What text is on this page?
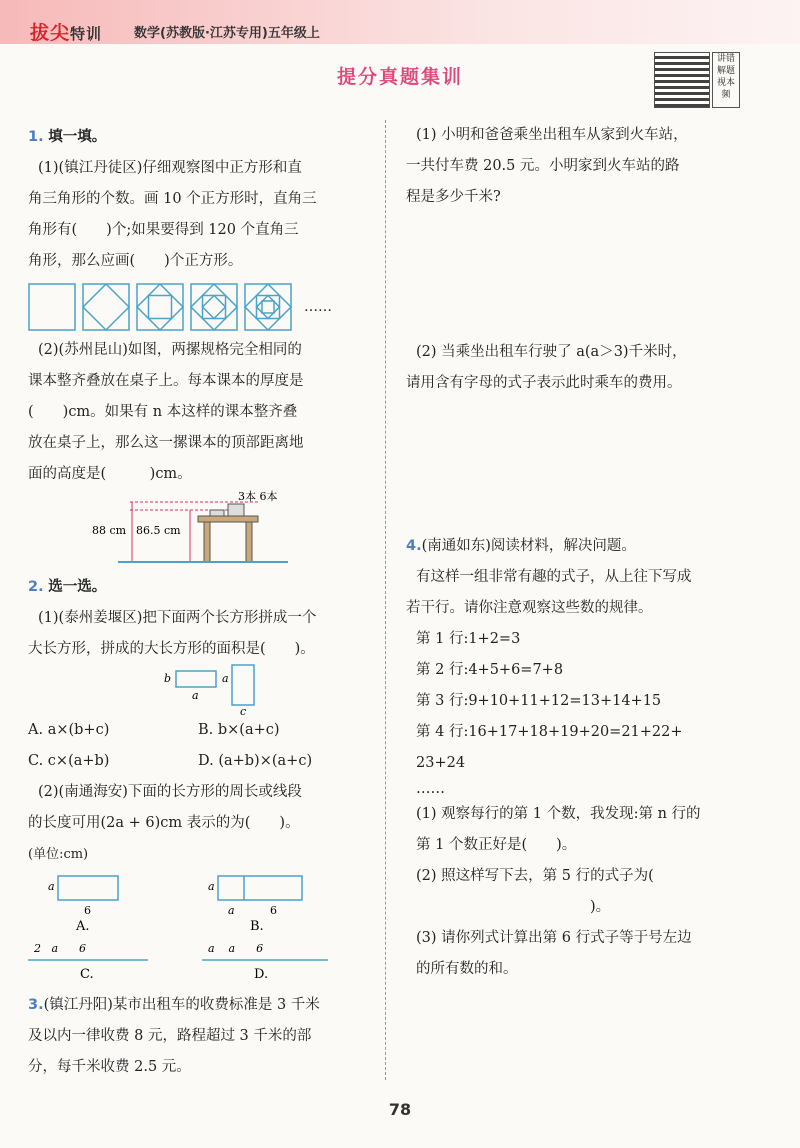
拔尖特训 数学(苏教版·江苏专用)五年级上
提分真题集训
讲错解题视本频

1. 填一填。

(1)(镇江丹徒区)仔细观察图中正方形和直

角三角形的个数。画 10 个正方形时，直角三

角形有(　　)个;如果要得到 120 个直角三

角形，那么应画(　　)个正方形。

……

(2)(苏州昆山)如图，两摞规格完全相同的

课本整齐叠放在桌子上。每本课本的厚度是

(　　)cm。如果有 n 本这样的课本整齐叠

放在桌子上，那么这一摞课本的顶部距离地

面的高度是(　　　)cm。

3本 6本
88 cm 86.5 cm

2. 选一选。

(1)(泰州姜堰区)把下面两个长方形拼成一个

大长方形，拼成的大长方形的面积是(　　)。

b
a
a
c

A. a×(b+c)	B. b×(a+c)

C. c×(a+b)	D. (a+b)×(a+c)

(2)(南通海安)下面的长方形的周长或线段

的长度可用(2a + 6)cm 表示的为(　　)。

(单位:cm)

a
6
A.
a
a	6
B.
2   a      6
C.
a    a      6
D.

3.(镇江丹阳)某市出租车的收费标准是 3 千米

及以内一律收费 8 元，路程超过 3 千米的部

分，每千米收费 2.5 元。

(1) 小明和爸爸乘坐出租车从家到火车站，

一共付车费 20.5 元。小明家到火车站的路

程是多少千米?

(2) 当乘坐出租车行驶了 a(a＞3)千米时，

请用含有字母的式子表示此时乘车的费用。

4.(南通如东)阅读材料，解决问题。

有这样一组非常有趣的式子，从上往下写成

若干行。请你注意观察这些数的规律。

第 1 行:1+2=3

第 2 行:4+5+6=7+8

第 3 行:9+10+11+12=13+14+15

第 4 行:16+17+18+19+20=21+22+

23+24

……

(1) 观察每行的第 1 个数，我发现:第 n 行的

第 1 个数正好是(　　)。

(2) 照这样写下去，第 5 行的式子为(

　　　　　　　　　　　　)。

(3) 请你列式计算出第 6 行式子等于号左边

的所有数的和。

78
